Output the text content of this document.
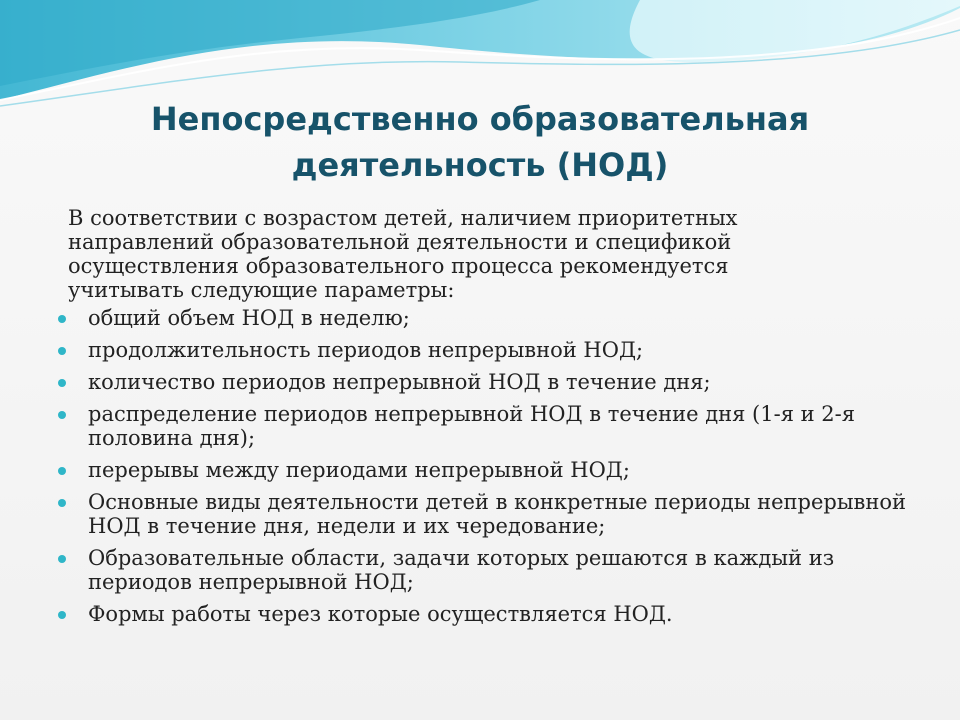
Непосредственно образовательная
деятельность (НОД)
В соответствии с возрастом детей, наличием приоритетных направлений образовательной деятельности и спецификой осуществления образовательного процесса рекомендуется учитывать следующие параметры:
общий объем НОД в неделю;
продолжительность периодов непрерывной НОД;
количество периодов непрерывной НОД в течение дня;
распределение периодов непрерывной НОД в течение дня (1-я и 2-я половина дня);
перерывы между периодами непрерывной НОД;
Основные виды деятельности детей в конкретные периоды непрерывной НОД в течение дня, недели и их чередование;
Образовательные области, задачи которых решаются в каждый из периодов непрерывной НОД;
Формы работы через которые осуществляется НОД.
